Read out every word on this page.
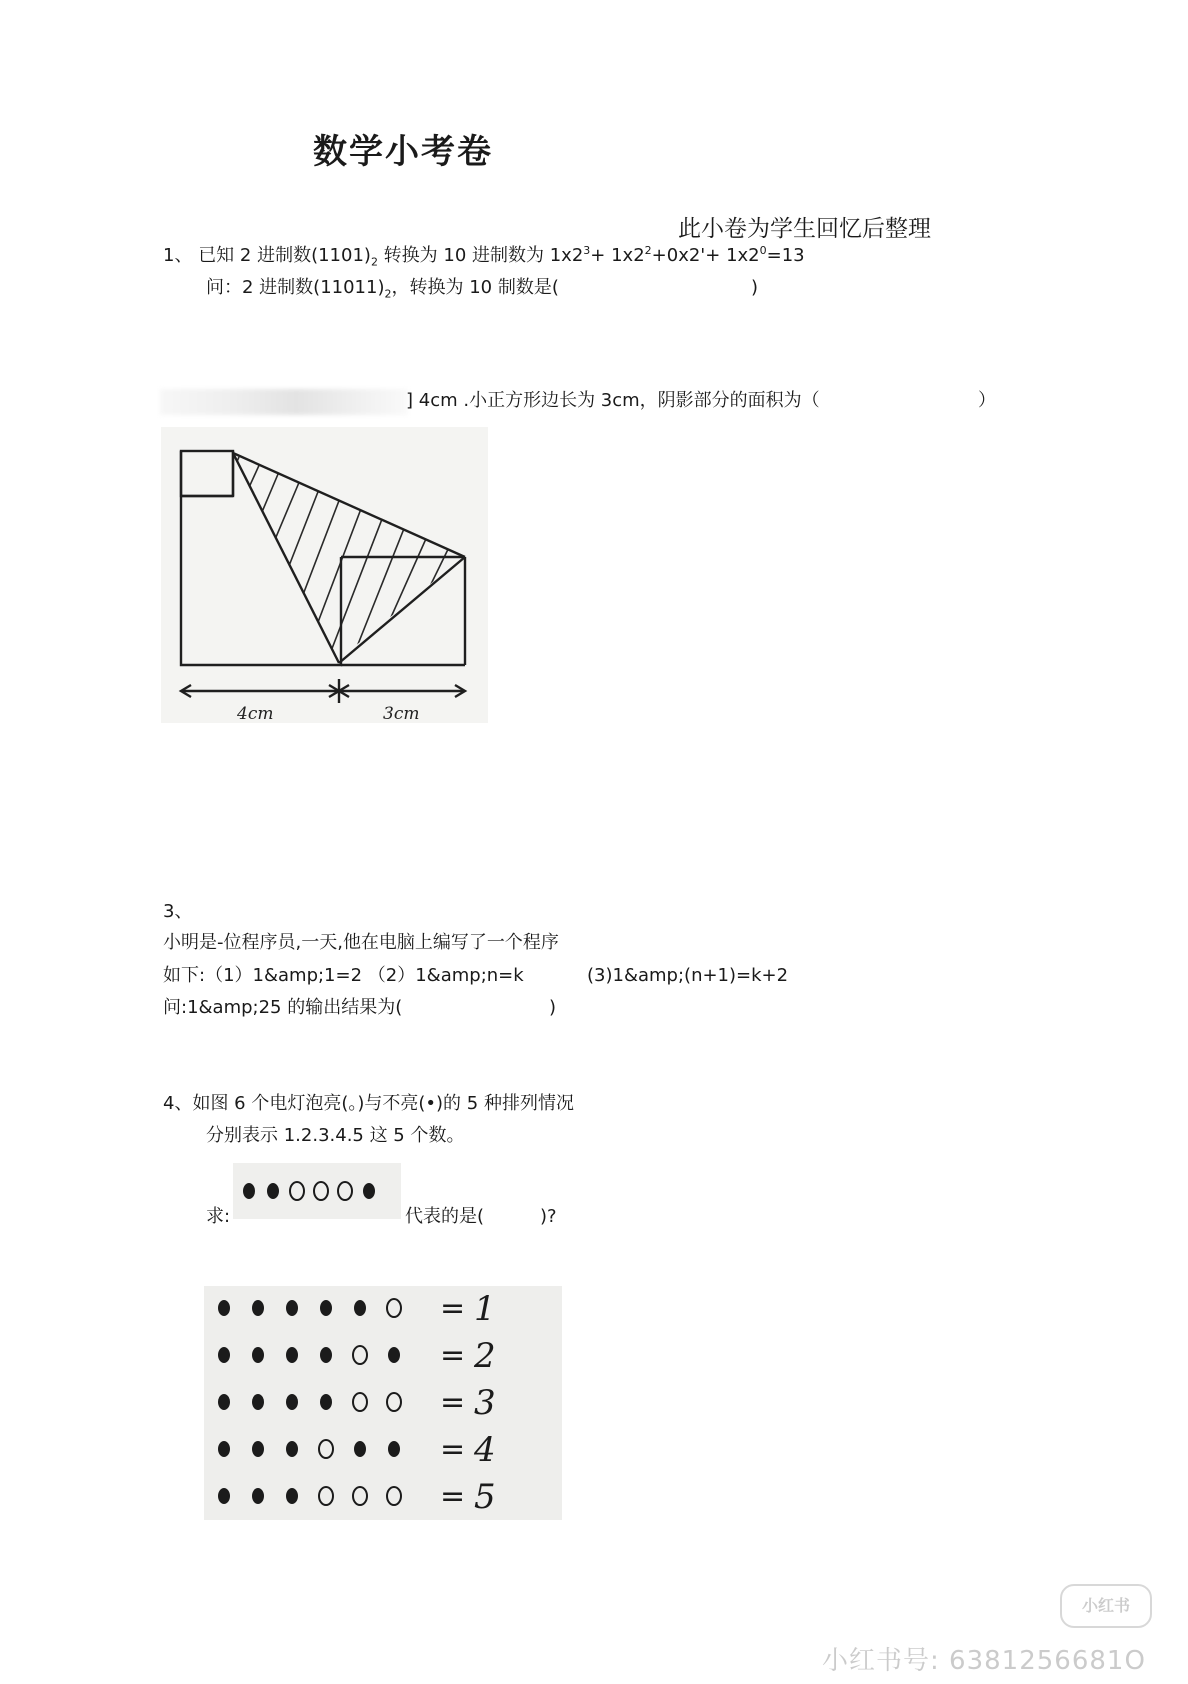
数学小考卷
此小卷为学生回忆后整理
1、 已知 2 进制数$(1101)_2$ 转换为 10 进制数为 $1x2^3+ 1x2^2+0x2'+ 1x2^0=13$
问：2 进制数$(11011)_2$，转换为 10 制数是(	)
] 4cm .小正方形边长为 3cm，阴影部分的面积为（	）
4cm	3cm
3、
小明是-位程序员,一天,他在电脑上编写了一个程序
如下:（1）1&amp;1=2 （2）1&amp;n=k	(3)1&amp;(n+1)=k+2
问:1&amp;25 的输出结果为(	)
4、如图 6 个电灯泡亮(。)与不亮(•)的 5 种排列情况
分别表示 1.2.3.4.5 这 5 个数。
求:	代表的是(	)?
= 1
= 2
= 3
= 4
= 5
小红书
小红书号: 6381256681O
